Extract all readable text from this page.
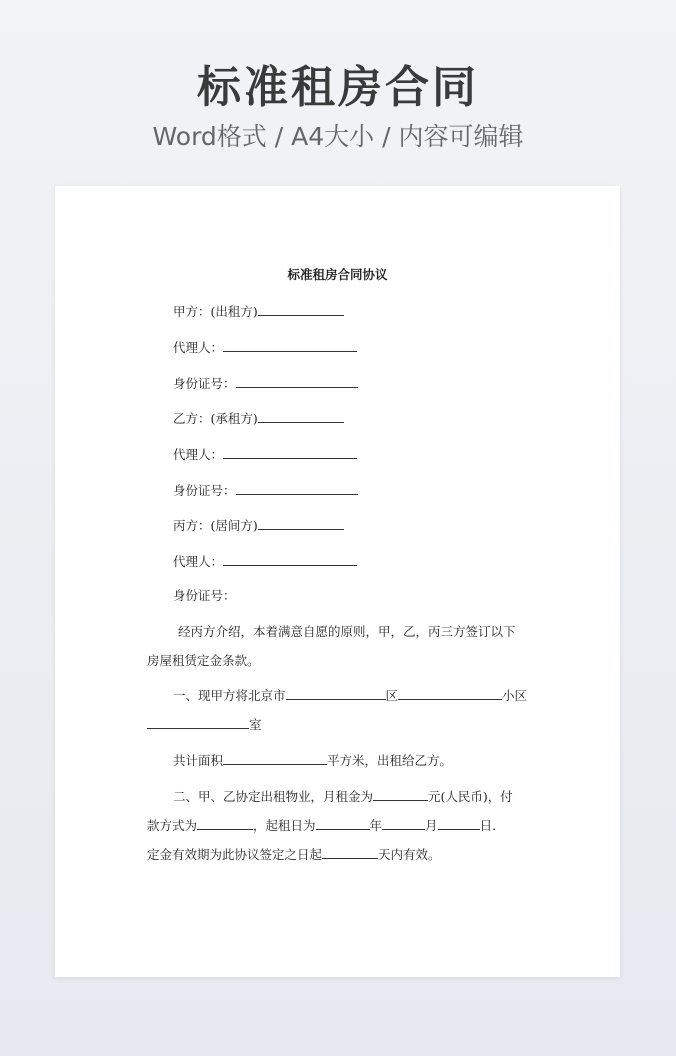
标准租房合同
Word格式 / A4大小 / 内容可编辑
标准租房合同协议
甲方：(出租方)
代理人：
身份证号：
乙方：(承租方)
代理人：
身份证号：
丙方：(居间方)
代理人：
身份证号：
经丙方介绍，本着满意自愿的原则，甲，乙，丙三方签订以下
房屋租赁定金条款。
一、现甲方将北京市	区	小区
室
共计面积	平方米，出租给乙方。
二、甲、乙协定出租物业，月租金为	元(人民币)，付
款方式为	，起租日为	年	月	日.
定金有效期为此协议签定之日起	天内有效。
